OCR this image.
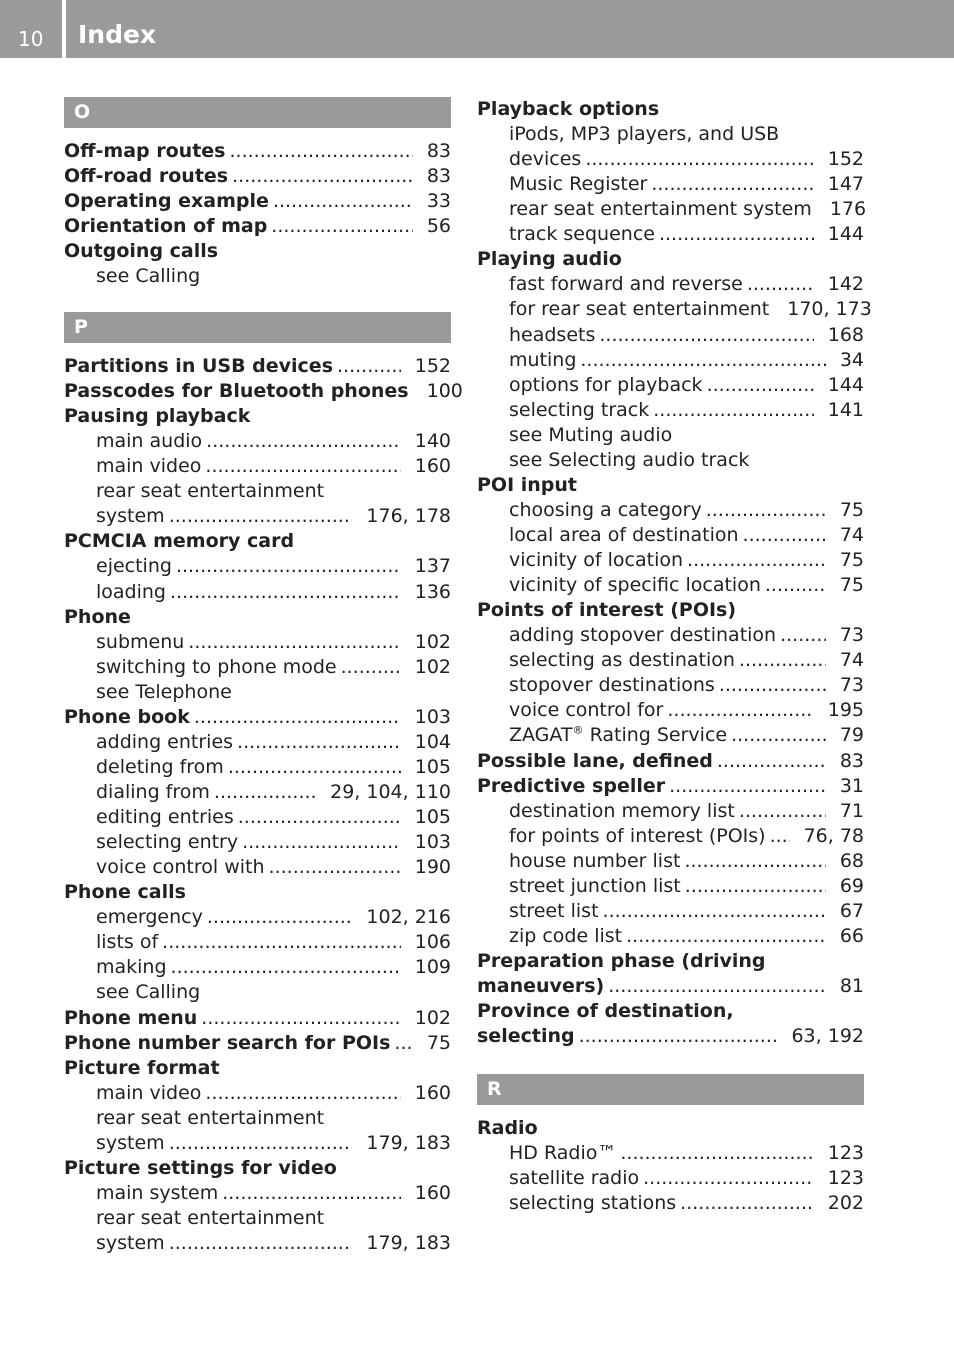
10 Index
O
Off-map routes .....	83
Off-road routes .....	83
Operating example .....	33
Orientation of map .....	56
Outgoing calls
see Calling
P
Partitions in USB devices .....	152
Passcodes for Bluetooth phones 100
Pausing playback
main audio .....	140
main video .....	160
rear seat entertainment
system .....	176, 178
PCMCIA memory card
ejecting .....	137
loading .....	136
Phone
submenu .....	102
switching to phone mode .....	102
see Telephone
Phone book .....	103
adding entries .....	104
deleting from .....	105
dialing from .....	29, 104, 110
editing entries .....	105
selecting entry .....	103
voice control with .....	190
Phone calls
emergency .....	102, 216
lists of .....	106
making .....	109
see Calling
Phone menu .....	102
Phone number search for POIs .....	75
Picture format
main video .....	160
rear seat entertainment
system .....	179, 183
Picture settings for video
main system .....	160
rear seat entertainment
system .....	179, 183
Playback options
iPods, MP3 players, and USB
devices .....	152
Music Register .....	147
rear seat entertainment system 176
track sequence .....	144
Playing audio
fast forward and reverse .....	142
for rear seat entertainment 170, 173
headsets .....	168
muting .....	34
options for playback .....	144
selecting track .....	141
see Muting audio
see Selecting audio track
POI input
choosing a category .....	75
local area of destination .....	74
vicinity of location .....	75
vicinity of specific location .....	75
Points of interest (POIs)
adding stopover destination .....	73
selecting as destination .....	74
stopover destinations .....	73
voice control for .....	195
ZAGAT® Rating Service .....	79
Possible lane, defined .....	83
Predictive speller .....	31
destination memory list .....	71
for points of interest (POIs) .....	76, 78
house number list .....	68
street junction list .....	69
street list .....	67
zip code list .....	66
Preparation phase (driving
maneuvers) .....	81
Province of destination,
selecting .....	63, 192
R
Radio
HD Radio™ .....	123
satellite radio .....	123
selecting stations .....	202
